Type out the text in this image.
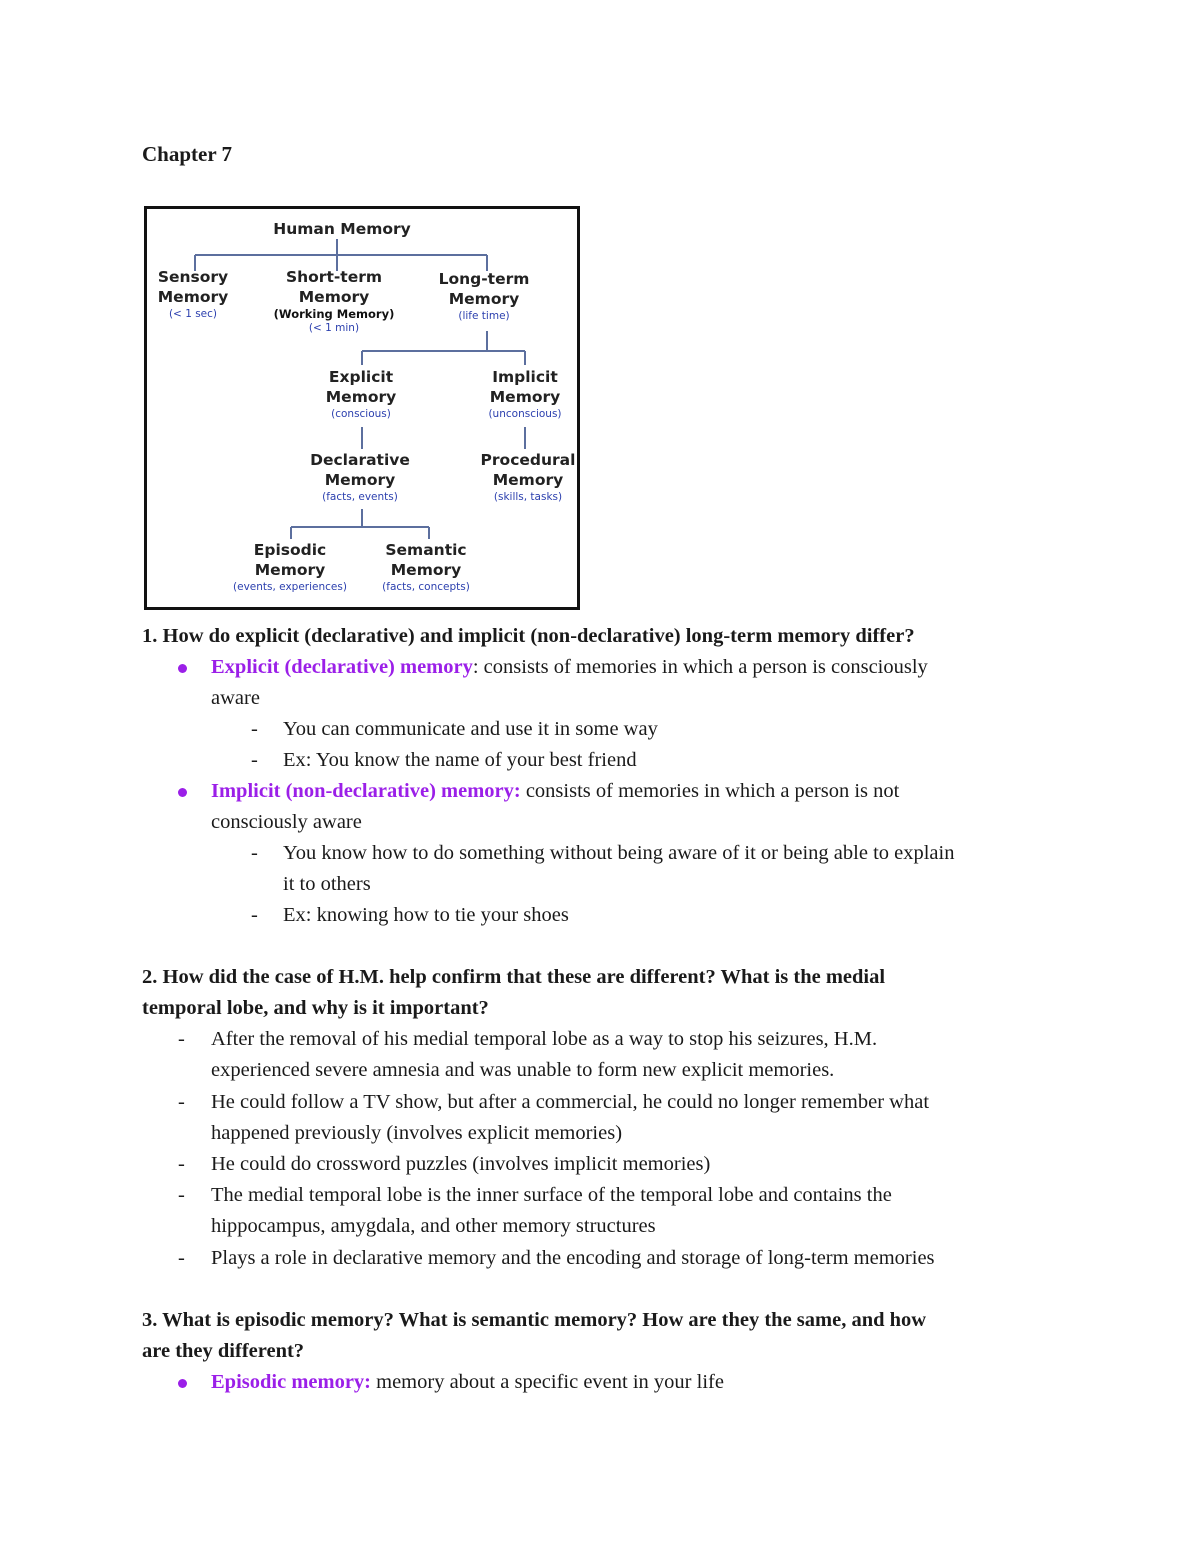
Chapter 7
Human Memory
Sensory
Memory
(< 1 sec)
Short-term
Memory
(Working Memory)
(< 1 min)
Long-term
Memory
(life time)
Explicit
Memory
(conscious)
Implicit
Memory
(unconscious)
Declarative
Memory
(facts, events)
Procedural
Memory
(skills, tasks)
Episodic
Memory
(events, experiences)
Semantic
Memory
(facts, concepts)
1. How do explicit (declarative) and implicit (non-declarative) long-term memory differ?
Explicit (declarative) memory: consists of memories in which a person is consciously
aware
- You can communicate and use it in some way
- Ex: You know the name of your best friend
Implicit (non-declarative) memory: consists of memories in which a person is not
consciously aware
- You know how to do something without being aware of it or being able to explain
it to others
- Ex: knowing how to tie your shoes
2. How did the case of H.M. help confirm that these are different? What is the medial
temporal lobe, and why is it important?
- After the removal of his medial temporal lobe as a way to stop his seizures, H.M.
experienced severe amnesia and was unable to form new explicit memories.
- He could follow a TV show, but after a commercial, he could no longer remember what
happened previously (involves explicit memories)
- He could do crossword puzzles (involves implicit memories)
- The medial temporal lobe is the inner surface of the temporal lobe and contains the
hippocampus, amygdala, and other memory structures
- Plays a role in declarative memory and the encoding and storage of long-term memories
3. What is episodic memory? What is semantic memory? How are they the same, and how
are they different?
Episodic memory: memory about a specific event in your life
